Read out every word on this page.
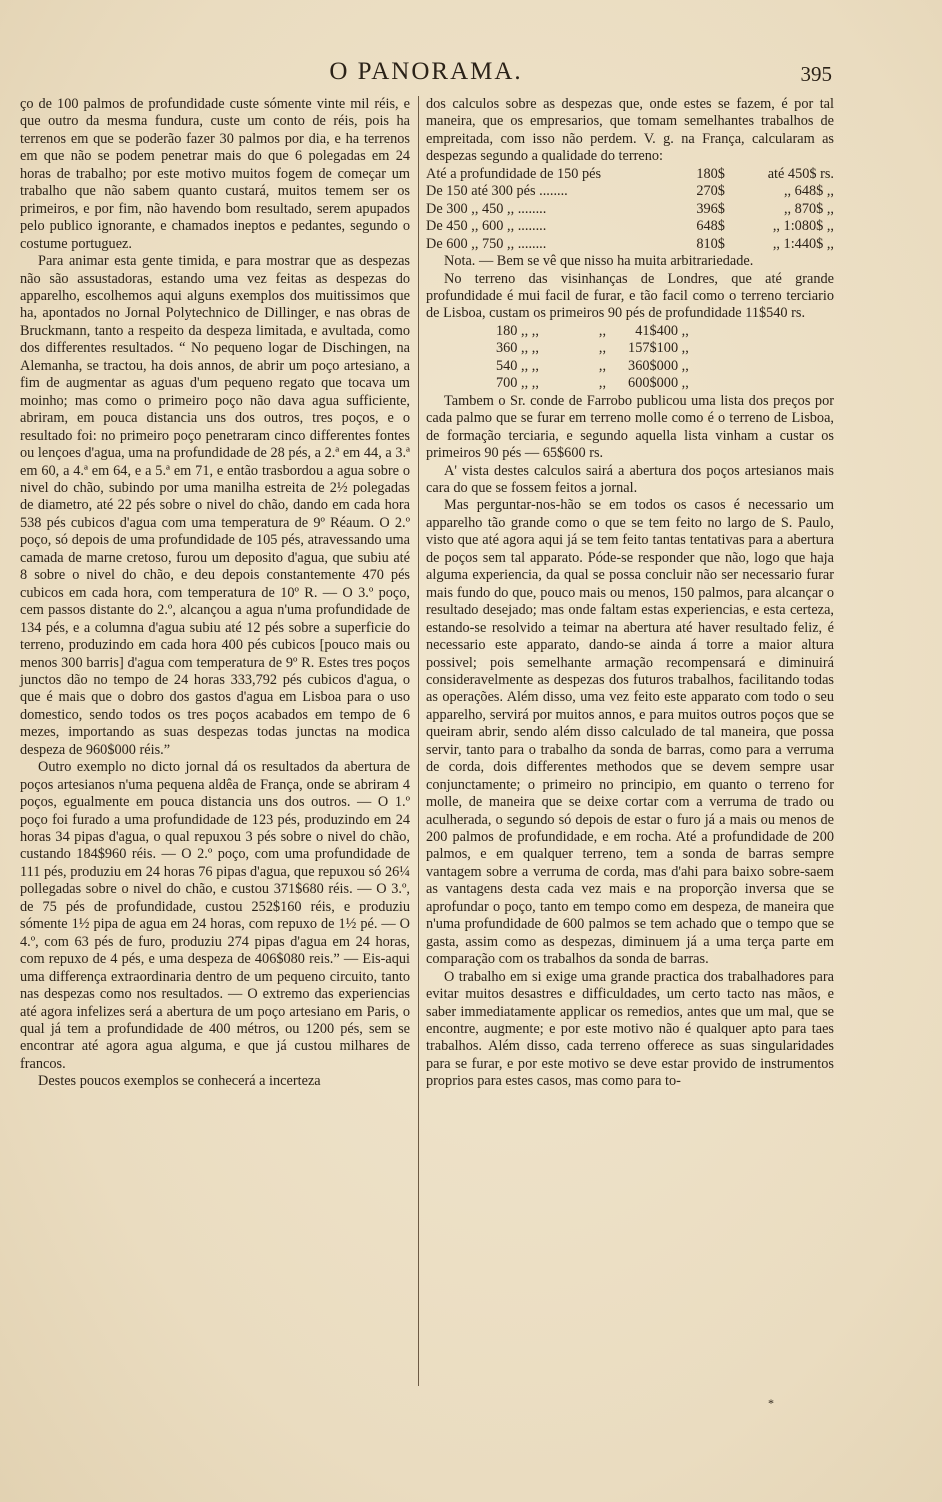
O PANORAMA.	395

ço de 100 palmos de profundidade custe sómente vinte mil réis, e que outro da mesma fundura, custe um conto de réis, pois ha terrenos em que se poderão fazer 30 palmos por dia, e ha terrenos em que não se podem penetrar mais do que 6 polegadas em 24 horas de trabalho; por este motivo muitos fogem de começar um trabalho que não sabem quanto custará, muitos temem ser os primeiros, e por fim, não havendo bom resultado, serem apupados pelo publico ignorante, e chamados ineptos e pedantes, segundo o costume portuguez.

Para animar esta gente timida, e para mostrar que as despezas não são assustadoras, estando uma vez feitas as despezas do apparelho, escolhemos aqui alguns exemplos dos muitissimos que ha, apontados no Jornal Polytechnico de Dillinger, e nas obras de Bruckmann, tanto a respeito da despeza limitada, e avultada, como dos differentes resultados. “ No pequeno logar de Dischingen, na Alemanha, se tractou, ha dois annos, de abrir um poço artesiano, a fim de augmentar as aguas d'um pequeno regato que tocava um moinho; mas como o primeiro poço não dava agua sufficiente, abriram, em pouca distancia uns dos outros, tres poços, e o resultado foi: no primeiro poço penetraram cinco differentes fontes ou lençoes d'agua, uma na profundidade de 28 pés, a 2.ª em 44, a 3.ª em 60, a 4.ª em 64, e a 5.ª em 71, e então trasbordou a agua sobre o nivel do chão, subindo por uma manilha estreita de 2½ polegadas de diametro, até 22 pés sobre o nivel do chão, dando em cada hora 538 pés cubicos d'agua com uma temperatura de 9º Réaum. O 2.º poço, só depois de uma profundidade de 105 pés, atravessando uma camada de marne cretoso, furou um deposito d'agua, que subiu até 8 sobre o nivel do chão, e deu depois constantemente 470 pés cubicos em cada hora, com temperatura de 10º R. — O 3.º poço, cem passos distante do 2.º, alcançou a agua n'uma profundidade de 134 pés, e a columna d'agua subiu até 12 pés sobre a superficie do terreno, produzindo em cada hora 400 pés cubicos [pouco mais ou menos 300 barris] d'agua com temperatura de 9º R. Estes tres poços junctos dão no tempo de 24 horas 333,792 pés cubicos d'agua, o que é mais que o dobro dos gastos d'agua em Lisboa para o uso domestico, sendo todos os tres poços acabados em tempo de 6 mezes, importando as suas despezas todas junctas na modica despeza de 960$000 réis.”

Outro exemplo no dicto jornal dá os resultados da abertura de poços artesianos n'uma pequena aldêa de França, onde se abriram 4 poços, egualmente em pouca distancia uns dos outros. — O 1.º poço foi furado a uma profundidade de 123 pés, produzindo em 24 horas 34 pipas d'agua, o qual repuxou 3 pés sobre o nivel do chão, custando 184$960 réis. — O 2.º poço, com uma profundidade de 111 pés, produziu em 24 horas 76 pipas d'agua, que repuxou só 26¼ pollegadas sobre o nivel do chão, e custou 371$680 réis. — O 3.º, de 75 pés de profundidade, custou 252$160 réis, e produziu sómente 1½ pipa de agua em 24 horas, com repuxo de 1½ pé. — O 4.º, com 63 pés de furo, produziu 274 pipas d'agua em 24 horas, com repuxo de 4 pés, e uma despeza de 406$080 reis.” — Eis-aqui uma differença extraordinaria dentro de um pequeno circuito, tanto nas despezas como nos resultados. — O extremo das experiencias até agora infelizes será a abertura de um poço artesiano em Paris, o qual já tem a profundidade de 400 métros, ou 1200 pés, sem se encontrar até agora agua alguma, e que já custou milhares de francos.

Destes poucos exemplos se conhecerá a incerteza

dos calculos sobre as despezas que, onde estes se fazem, é por tal maneira, que os empresarios, que tomam semelhantes trabalhos de empreitada, com isso não perdem. V. g. na França, calcularam as despezas segundo a qualidade do terreno:

Até a profundidade de 150 pés	180$	até 450$ rs.
De 150 até 300 pés ........	270$	,, 648$ ,,
De 300 ,, 450 ,, ........	396$	,, 870$ ,,
De 450 ,, 600 ,, ........	648$	,, 1:080$ ,,
De 600 ,, 750 ,, ........	810$	,, 1:440$ ,,

Nota. — Bem se vê que nisso ha muita arbitrariedade.

No terreno das visinhanças de Londres, que até grande profundidade é mui facil de furar, e tão facil como o terreno terciario de Lisboa, custam os primeiros 90 pés de profundidade 11$540 rs.

180 ,, ,,	,,	41$400 ,,
360 ,, ,,	,,	157$100 ,,
540 ,, ,,	,,	360$000 ,,
700 ,, ,,	,,	600$000 ,,

Tambem o Sr. conde de Farrobo publicou uma lista dos preços por cada palmo que se furar em terreno molle como é o terreno de Lisboa, de formação terciaria, e segundo aquella lista vinham a custar os primeiros 90 pés — 65$600 rs.

A' vista destes calculos sairá a abertura dos poços artesianos mais cara do que se fossem feitos a jornal.

Mas perguntar-nos-hão se em todos os casos é necessario um apparelho tão grande como o que se tem feito no largo de S. Paulo, visto que até agora aqui já se tem feito tantas tentativas para a abertura de poços sem tal apparato. Póde-se responder que não, logo que haja alguma experiencia, da qual se possa concluir não ser necessario furar mais fundo do que, pouco mais ou menos, 150 palmos, para alcançar o resultado desejado; mas onde faltam estas experiencias, e esta certeza, estando-se resolvido a teimar na abertura até haver resultado feliz, é necessario este apparato, dando-se ainda á torre a maior altura possivel; pois semelhante armação recompensará e diminuirá consideravelmente as despezas dos futuros trabalhos, facilitando todas as operações. Além disso, uma vez feito este apparato com todo o seu apparelho, servirá por muitos annos, e para muitos outros poços que se queiram abrir, sendo além disso calculado de tal maneira, que possa servir, tanto para o trabalho da sonda de barras, como para a verruma de corda, dois differentes methodos que se devem sempre usar conjunctamente; o primeiro no principio, em quanto o terreno for molle, de maneira que se deixe cortar com a verruma de trado ou aculherada, o segundo só depois de estar o furo já a mais ou menos de 200 palmos de profundidade, e em rocha. Até a profundidade de 200 palmos, e em qualquer terreno, tem a sonda de barras sempre vantagem sobre a verruma de corda, mas d'ahi para baixo sobre-saem as vantagens desta cada vez mais e na proporção inversa que se aprofundar o poço, tanto em tempo como em despeza, de maneira que n'uma profundidade de 600 palmos se tem achado que o tempo que se gasta, assim como as despezas, diminuem já a uma terça parte em comparação com os trabalhos da sonda de barras.

O trabalho em si exige uma grande practica dos trabalhadores para evitar muitos desastres e difficuldades, um certo tacto nas mãos, e saber immediatamente applicar os remedios, antes que um mal, que se encontre, augmente; e por este motivo não é qualquer apto para taes trabalhos. Além disso, cada terreno offerece as suas singularidades para se furar, e por este motivo se deve estar provido de instrumentos proprios para estes casos, mas como para to-

*
